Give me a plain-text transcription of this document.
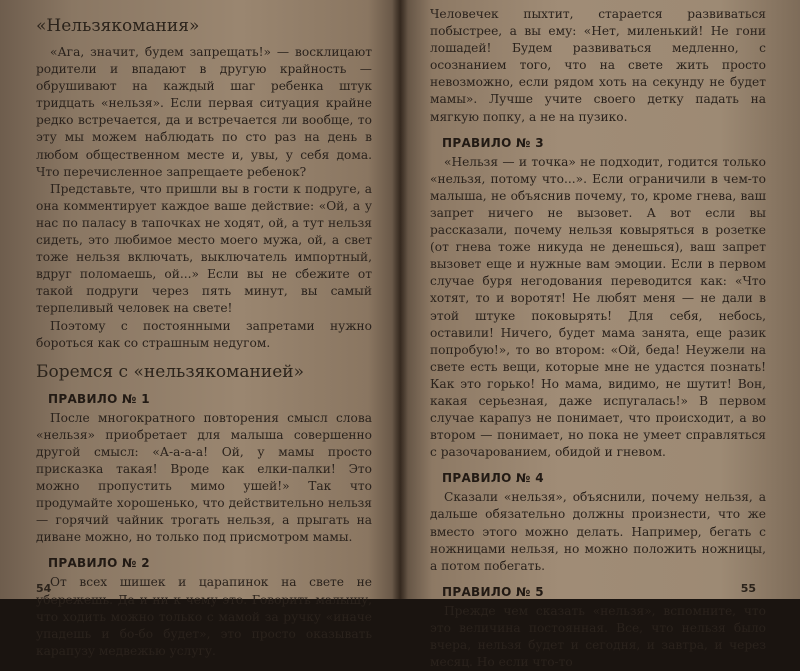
«Нельзякомания»

«Ага, значит, будем запрещать!» — восклицают родители и впадают в другую крайность — обрушивают на каждый шаг ребенка штук тридцать «нельзя». Если первая ситуация крайне редко встречается, да и встречается ли вообще, то эту мы можем наблюдать по сто раз на день в любом общественном месте и, увы, у себя дома. Что перечисленное запрещаете ребенок?

Представьте, что пришли вы в гости к подруге, а она комментирует каждое ваше действие: «Ой, а у нас по паласу в тапочках не ходят, ой, а тут нельзя сидеть, это любимое место моего мужа, ой, а свет тоже нельзя включать, выключатель импортный, вдруг поломаешь, ой...» Если вы не сбежите от такой подруги через пять минут, вы самый терпеливый человек на свете!

Поэтому с постоянными запретами нужно бороться как со страшным недугом.

Боремся с «нельзякоманией»
ПРАВИЛО № 1

После многократного повторения смысл слова «нельзя» приобретает для малыша совершенно другой смысл: «А-а-а-а! Ой, у мамы просто присказка такая! Вроде как елки-палки! Это можно пропустить мимо ушей!» Так что продумайте хорошенько, что действительно нельзя — горячий чайник трогать нельзя, а прыгать на диване можно, но только под присмотром мамы.

ПРАВИЛО № 2

От всех шишек и царапинок на свете не убережешь. Да и ни к чему это. Говорить малышу, что ходить можно только с мамой за ручку «иначе упадешь и бо-бо будет», это просто оказывать карапузу медвежью услугу.

54

Человечек пыхтит, старается развиваться побыстрее, а вы ему: «Нет, миленький! Не гони лошадей! Будем развиваться медленно, с осознанием того, что на свете жить просто невозможно, если рядом хоть на секунду не будет мамы». Лучше учите своего детку падать на мягкую попку, а не на пузико.

ПРАВИЛО № 3

«Нельзя — и точка» не подходит, годится только «нельзя, потому что...». Если ограничили в чем-то малыша, не объяснив почему, то, кроме гнева, ваш запрет ничего не вызовет. А вот если вы рассказали, почему нельзя ковыряться в розетке (от гнева тоже никуда не денешься), ваш запрет вызовет еще и нужные вам эмоции. Если в первом случае буря негодования переводится как: «Что хотят, то и воротят! Не любят меня — не дали в этой штуке поковырять! Для себя, небось, оставили! Ничего, будет мама занята, еще разик попробую!», то во втором: «Ой, беда! Неужели на свете есть вещи, которые мне не удастся познать! Как это горько! Но мама, видимо, не шутит! Вон, какая серьезная, даже испугалась!» В первом случае карапуз не понимает, что происходит, а во втором — понимает, но пока не умеет справляться с разочарованием, обидой и гневом.

ПРАВИЛО № 4

Сказали «нельзя», объяснили, почему нельзя, а дальше обязательно должны произнести, что же вместо этого можно делать. Например, бегать с ножницами нельзя, но можно положить ножницы, а потом побегать.

ПРАВИЛО № 5

Прежде чем сказать «нельзя», вспомните, что это величина постоянная. Все, что нельзя было вчера, нельзя будет и сегодня, и завтра, и через месяц. Но если что-то

55
